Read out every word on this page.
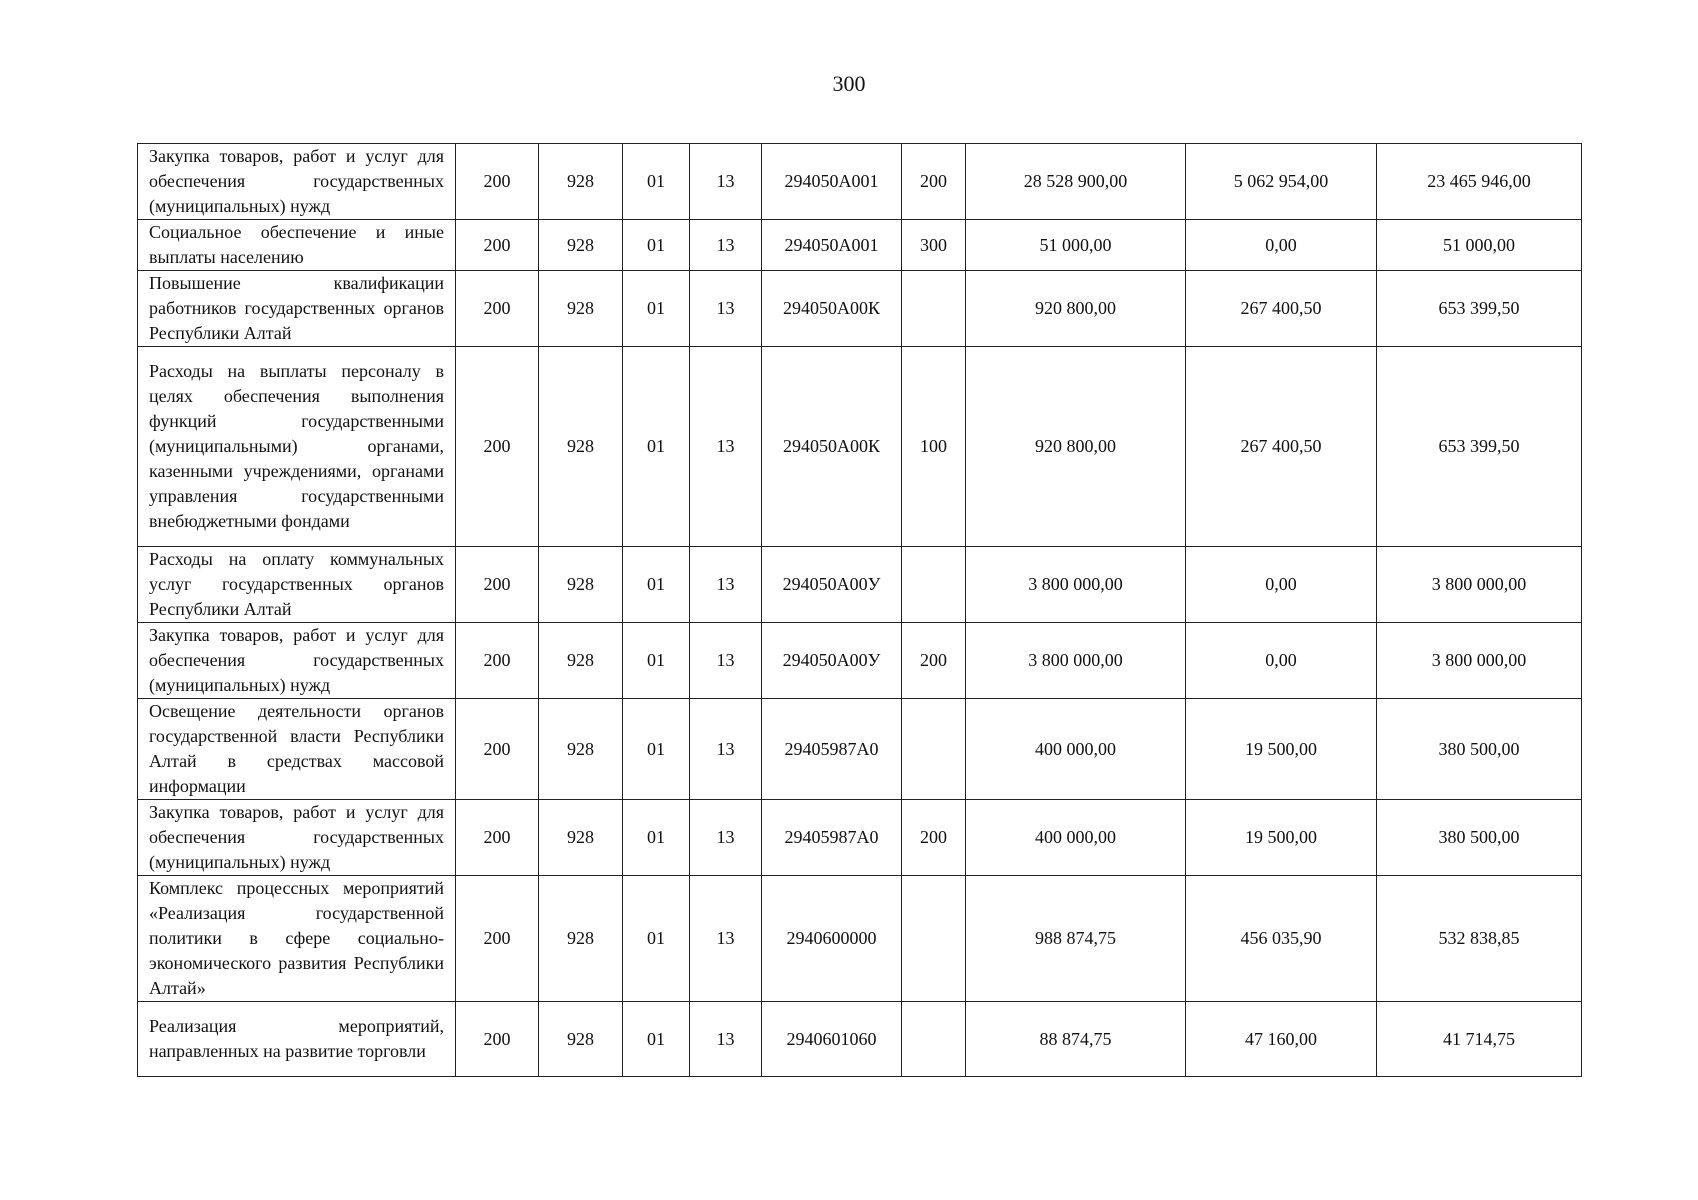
300
Закупка товаров, работ и услуг для обеспечения государственных (муниципальных) нужд	200	928	01	13	294050А001	200	28 528 900,00	5 062 954,00	23 465 946,00
Социальное обеспечение и иные выплаты населению	200	928	01	13	294050А001	300	51 000,00	0,00	51 000,00
Повышение квалификации работников государственных органов Республики Алтай	200	928	01	13	294050А00К		920 800,00	267 400,50	653 399,50
Расходы на выплаты персоналу в целях обеспечения выполнения функций государственными (муниципальными) органами, казенными учреждениями, органами управления государственными внебюджетными фондами	200	928	01	13	294050А00К	100	920 800,00	267 400,50	653 399,50
Расходы на оплату коммунальных услуг государственных органов Республики Алтай	200	928	01	13	294050А00У		3 800 000,00	0,00	3 800 000,00
Закупка товаров, работ и услуг для обеспечения государственных (муниципальных) нужд	200	928	01	13	294050А00У	200	3 800 000,00	0,00	3 800 000,00
Освещение деятельности органов государственной власти Республики Алтай в средствах массовой информации	200	928	01	13	29405987А0		400 000,00	19 500,00	380 500,00
Закупка товаров, работ и услуг для обеспечения государственных (муниципальных) нужд	200	928	01	13	29405987А0	200	400 000,00	19 500,00	380 500,00
Комплекс процессных мероприятий «Реализация государственной политики в сфере социально-экономического развития Республики Алтай»	200	928	01	13	2940600000		988 874,75	456 035,90	532 838,85
Реализация мероприятий, направленных на развитие торговли	200	928	01	13	2940601060		88 874,75	47 160,00	41 714,75
